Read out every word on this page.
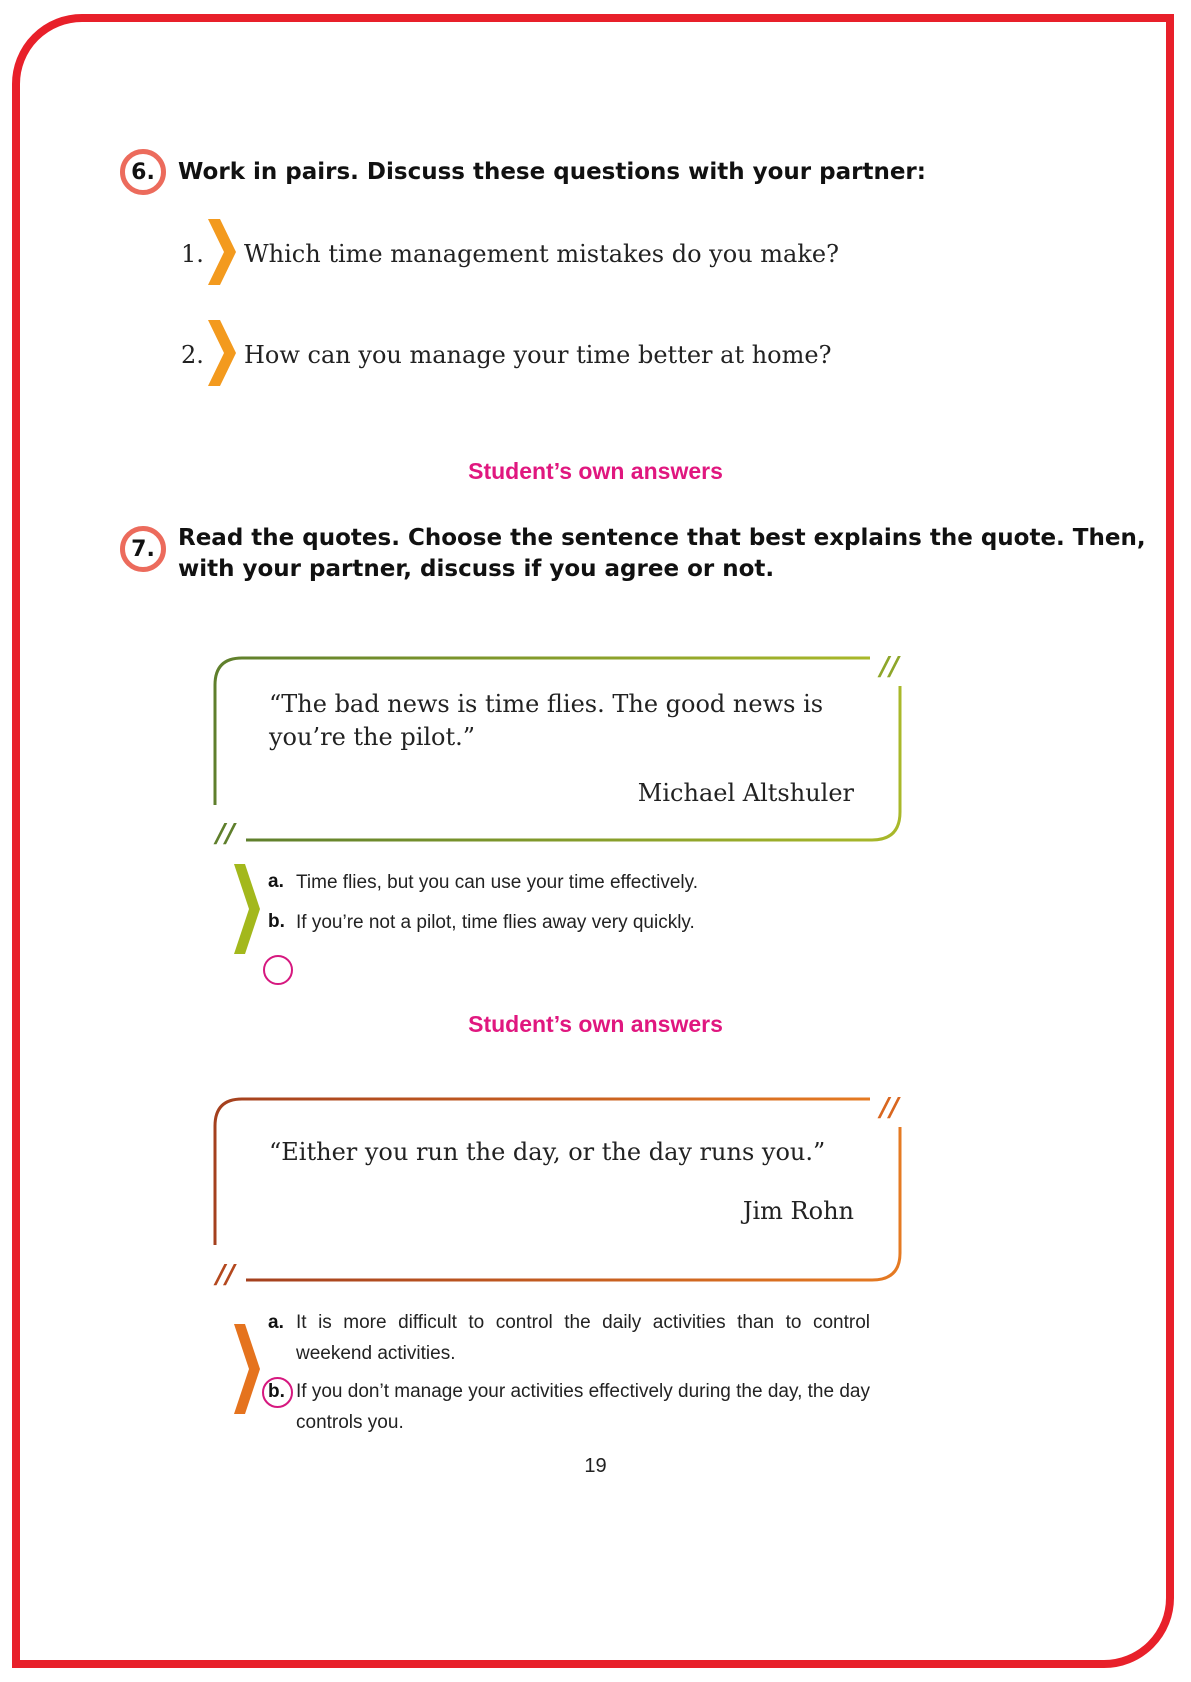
6. Work in pairs. Discuss these questions with your partner:
1. Which time management mistakes do you make?
2. How can you manage your time better at home?
Student’s own answers
7. Read the quotes. Choose the sentence that best explains the quote. Then,
with your partner, discuss if you agree or not.
//
//
“The bad news is time flies. The good news is you’re the pilot.”
Michael Altshuler
a. Time flies, but you can use your time effectively.
b. If you’re not a pilot, time flies away very quickly.
Student’s own answers
//
//
“Either you run the day, or the day runs you.”
Jim Rohn
a. It is more difficult to control the daily activities than to control weekend activities.
b. If you don’t manage your activities effectively during the day, the day controls you.
19
